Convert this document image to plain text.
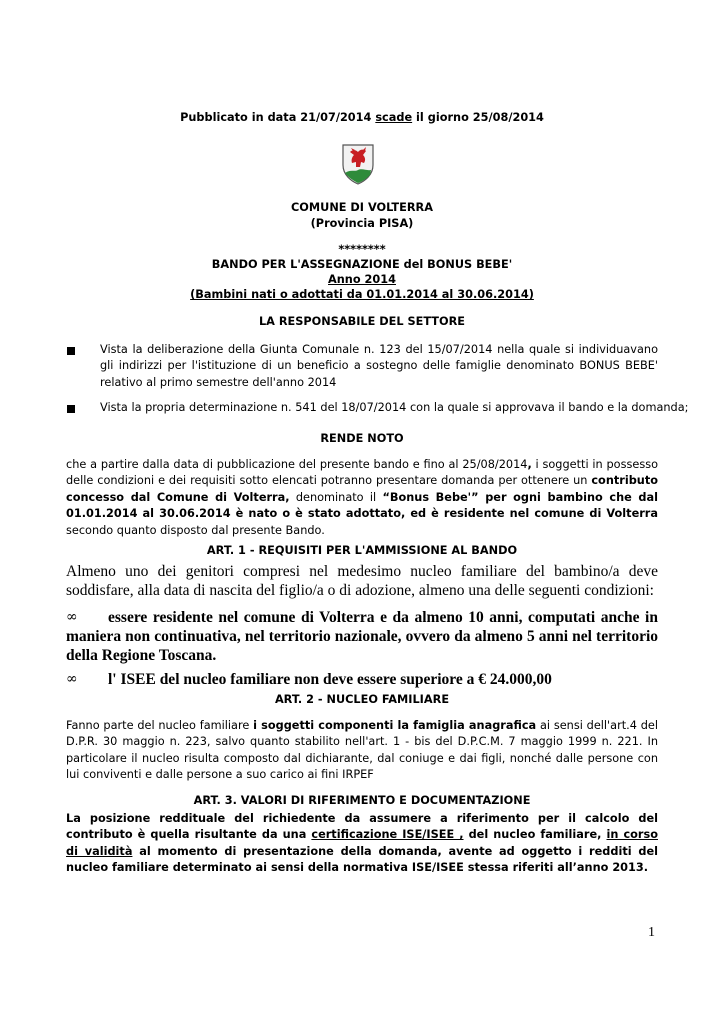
Pubblicato in data 21/07/2014 scade il giorno 25/08/2014
COMUNE DI VOLTERRA
(Provincia PISA)
********
BANDO PER L'ASSEGNAZIONE del BONUS BEBE'
Anno 2014
(Bambini nati o adottati da 01.01.2014 al 30.06.2014)
LA RESPONSABILE DEL SETTORE
Vista la deliberazione della Giunta Comunale n. 123 del 15/07/2014 nella quale si individuavano gli indirizzi per l'istituzione di un beneficio a sostegno delle famiglie denominato BONUS BEBE' relativo al primo semestre dell'anno 2014
Vista la propria determinazione n. 541 del 18/07/2014 con la quale si approvava il bando e la domanda;
RENDE NOTO
che a partire dalla data di pubblicazione del presente bando e fino al 25/08/2014, i soggetti in possesso delle condizioni e dei requisiti sotto elencati potranno presentare domanda per ottenere un contributo concesso dal Comune di Volterra, denominato il “Bonus Bebe'” per ogni bambino che dal 01.01.2014 al 30.06.2014 è nato o è stato adottato, ed è residente nel comune di Volterra secondo quanto disposto dal presente Bando.
ART. 1 - REQUISITI PER L'AMMISSIONE AL BANDO
Almeno uno dei genitori compresi nel medesimo nucleo familiare del bambino/a deve soddisfare, alla data di nascita del figlio/a o di adozione, almeno una delle seguenti condizioni:
∞	essere residente nel comune di Volterra e da almeno 10 anni, computati anche in maniera non continuativa, nel territorio nazionale, ovvero da almeno 5 anni nel territorio della Regione Toscana.
∞ l' ISEE del nucleo familiare non deve essere superiore a € 24.000,00
ART. 2 - NUCLEO FAMILIARE
Fanno parte del nucleo familiare i soggetti componenti la famiglia anagrafica ai sensi dell'art.4 del D.P.R. 30 maggio n. 223, salvo quanto stabilito nell'art. 1 - bis del D.P.C.M. 7 maggio 1999 n. 221. In particolare il nucleo risulta composto dal dichiarante, dal coniuge e dai figli, nonché dalle persone con lui conviventi e dalle persone a suo carico ai fini IRPEF
ART. 3. VALORI DI RIFERIMENTO E DOCUMENTAZIONE
La posizione reddituale del richiedente da assumere a riferimento per il calcolo del contributo è quella risultante da una certificazione ISE/ISEE , del nucleo familiare, in corso di validità al momento di presentazione della domanda, avente ad oggetto i redditi del nucleo familiare determinato ai sensi della normativa ISE/ISEE stessa riferiti all’anno 2013.
1
